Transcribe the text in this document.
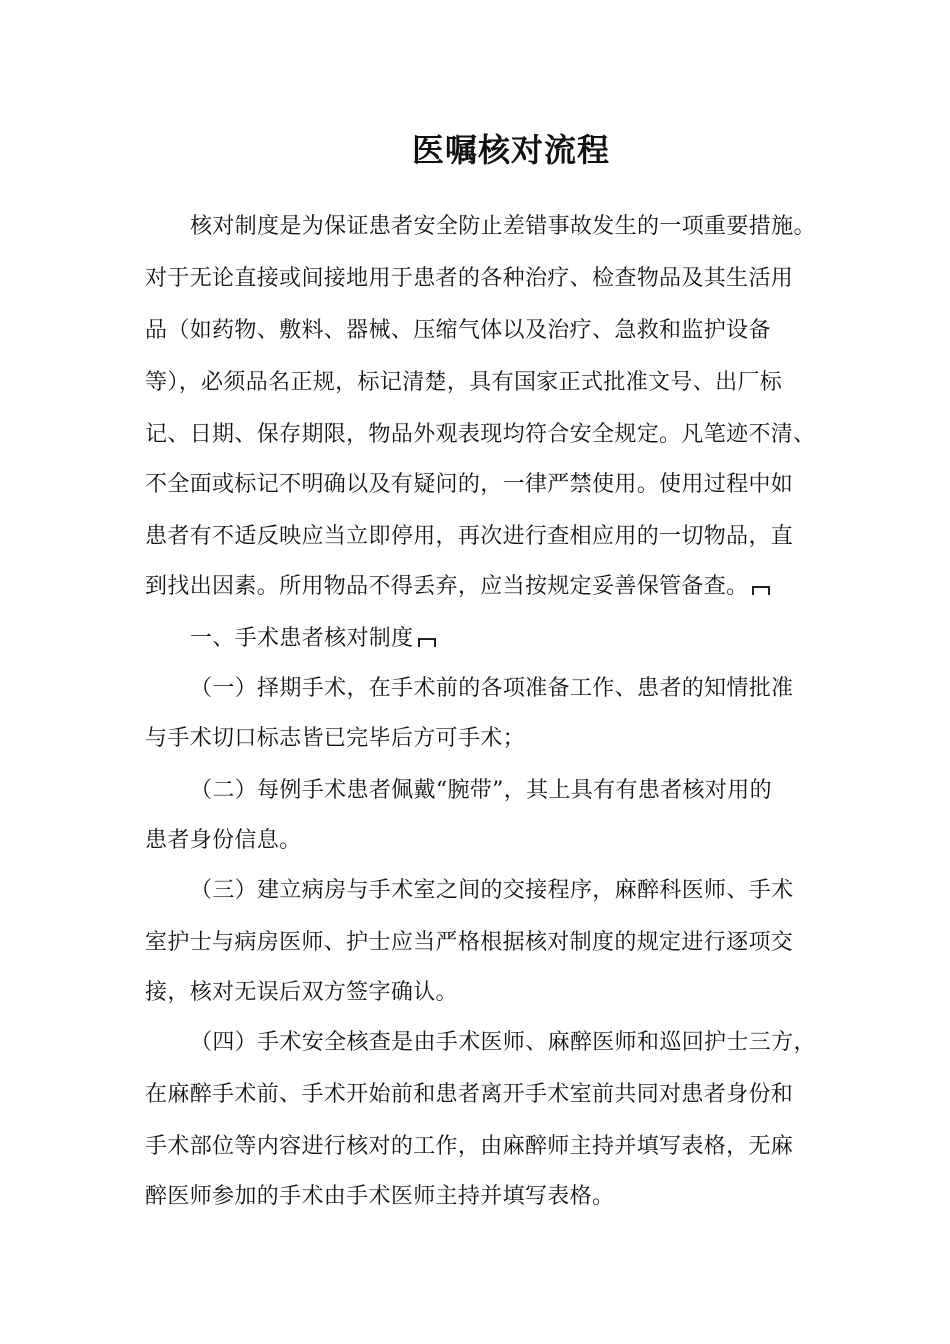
医嘱核对流程
核对制度是为保证患者安全防止差错事故发生的一项重要措施。
对于无论直接或间接地用于患者的各种治疗、检查物品及其生活用
品（如药物、敷料、器械、压缩气体以及治疗、急救和监护设备
等），必须品名正规，标记清楚，具有国家正式批准文号、出厂标
记、日期、保存期限，物品外观表现均符合安全规定。凡笔迹不清、
不全面或标记不明确以及有疑问的，一律严禁使用。使用过程中如
患者有不适反映应当立即停用，再次进行查相应用的一切物品，直
到找出因素。所用物品不得丢弃，应当按规定妥善保管备查。
一、手术患者核对制度
（一）择期手术，在手术前的各项准备工作、患者的知情批准
与手术切口标志皆已完毕后方可手术；
（二）每例手术患者佩戴“腕带”，其上具有有患者核对用的
患者身份信息。
（三）建立病房与手术室之间的交接程序，麻醉科医师、手术
室护士与病房医师、护士应当严格根据核对制度的规定进行逐项交
接，核对无误后双方签字确认。
（四）手术安全核查是由手术医师、麻醉医师和巡回护士三方，
在麻醉手术前、手术开始前和患者离开手术室前共同对患者身份和
手术部位等内容进行核对的工作，由麻醉师主持并填写表格，无麻
醉医师参加的手术由手术医师主持并填写表格。
